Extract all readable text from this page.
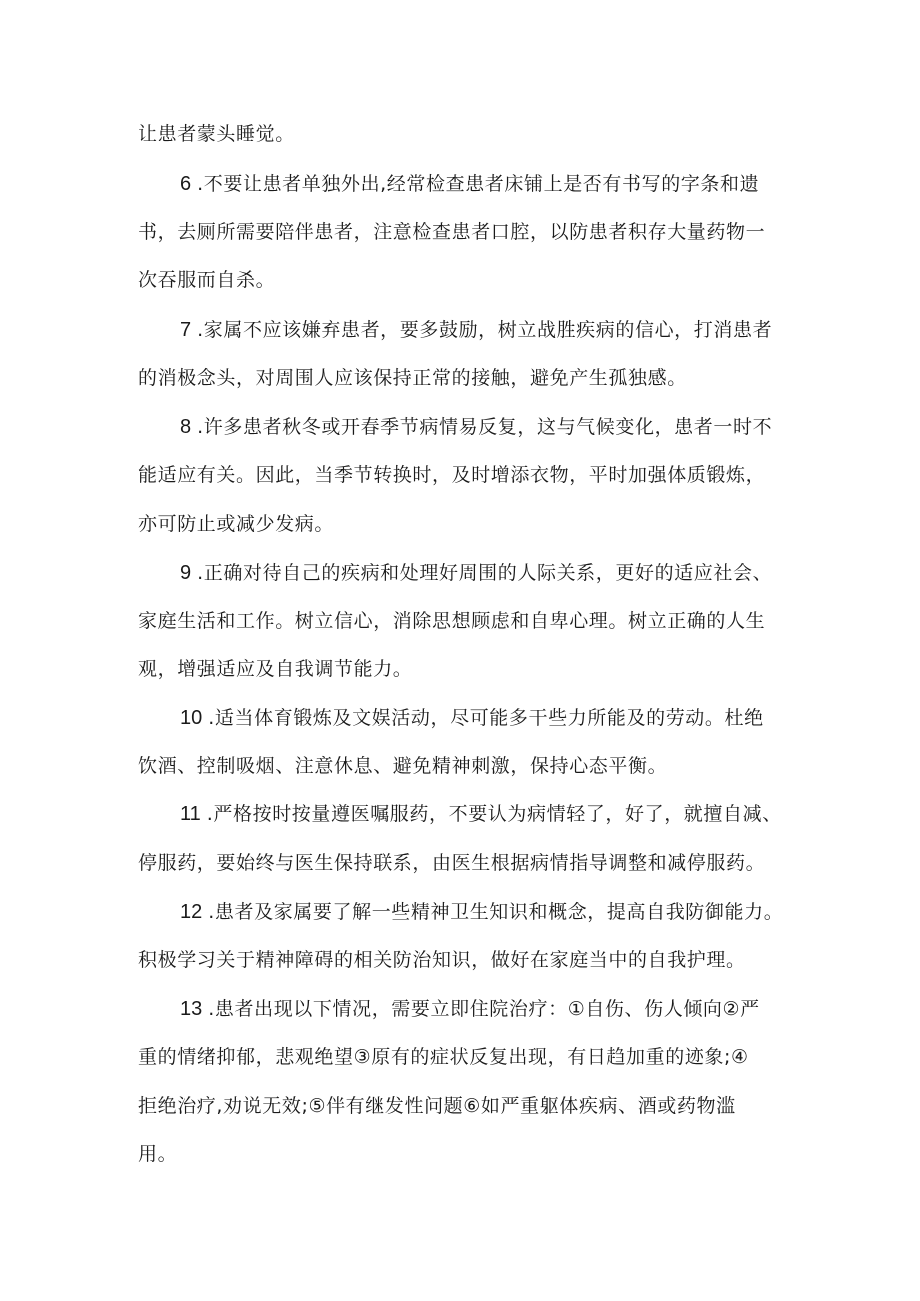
让患者蒙头睡觉。
6 .不要让患者单独外出,经常检查患者床铺上是否有书写的字条和遗
书，去厕所需要陪伴患者，注意检查患者口腔，以防患者积存大量药物一
次吞服而自杀。
7 .家属不应该嫌弃患者，要多鼓励，树立战胜疾病的信心，打消患者
的消极念头，对周围人应该保持正常的接触，避免产生孤独感。
8 .许多患者秋冬或开春季节病情易反复，这与气候变化，患者一时不
能适应有关。因此，当季节转换时，及时增添衣物，平时加强体质锻炼，
亦可防止或减少发病。
9 .正确对待自己的疾病和处理好周围的人际关系，更好的适应社会、
家庭生活和工作。树立信心，消除思想顾虑和自卑心理。树立正确的人生
观，增强适应及自我调节能力。
10 .适当体育锻炼及文娱活动，尽可能多干些力所能及的劳动。杜绝
饮酒、控制吸烟、注意休息、避免精神刺激，保持心态平衡。
11 .严格按时按量遵医嘱服药，不要认为病情轻了，好了，就擅自减、
停服药，要始终与医生保持联系，由医生根据病情指导调整和减停服药。
12 .患者及家属要了解一些精神卫生知识和概念，提高自我防御能力。
积极学习关于精神障碍的相关防治知识，做好在家庭当中的自我护理。
13 .患者出现以下情况，需要立即住院治疗：①自伤、伤人倾向②严
重的情绪抑郁，悲观绝望③原有的症状反复出现，有日趋加重的迹象;④
拒绝治疗,劝说无效;⑤伴有继发性问题⑥如严重躯体疾病、酒或药物滥
用。
